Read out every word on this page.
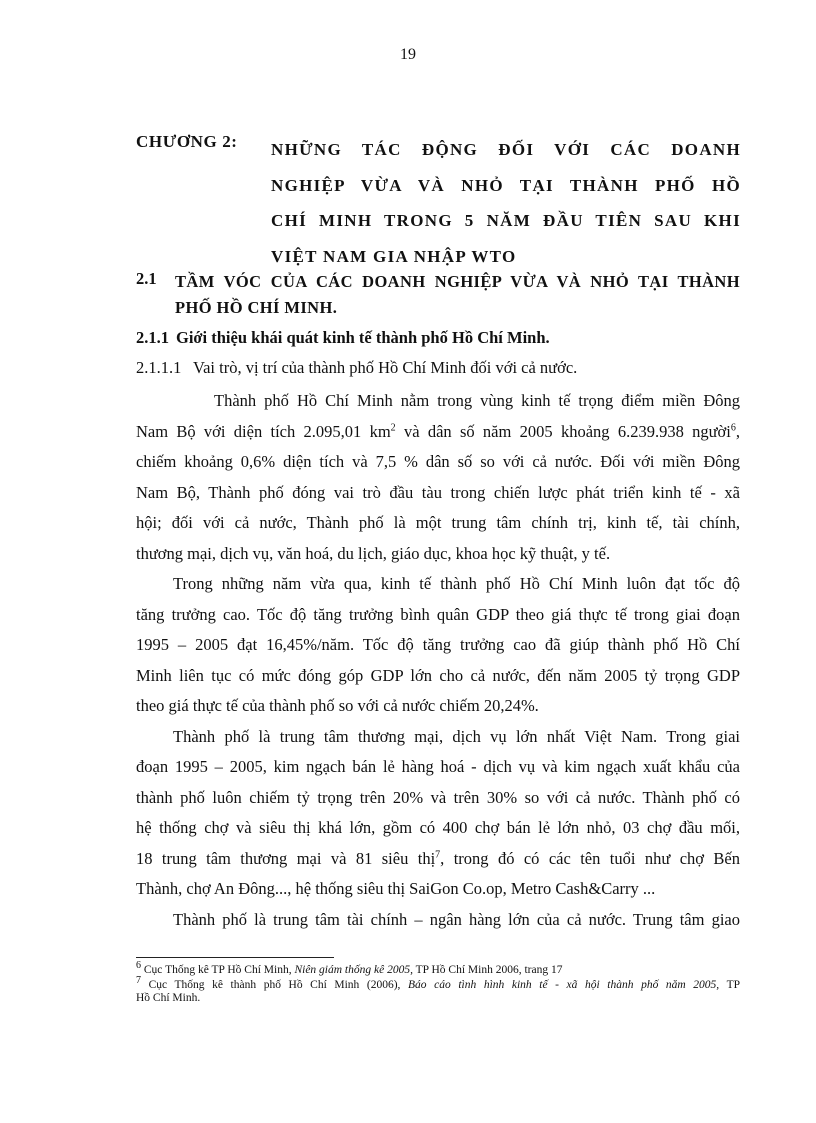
19
CHƯƠNG 2: NHỮNG TÁC ĐỘNG ĐỐI VỚI CÁC DOANH
NGHIỆP VỪA VÀ NHỎ TẠI THÀNH PHỐ HỒ
CHÍ MINH TRONG 5 NĂM ĐẦU TIÊN SAU KHI
VIỆT NAM GIA NHẬP WTO
2.1 TẦM VÓC CỦA CÁC DOANH NGHIỆP VỪA VÀ NHỎ TẠI THÀNH
PHỐ HỒ CHÍ MINH.
2.1.1 Giới thiệu khái quát kinh tế thành phố Hồ Chí Minh.
2.1.1.1 Vai trò, vị trí của thành phố Hồ Chí Minh đối với cả nước.
Thành phố Hồ Chí Minh nằm trong vùng kinh tế trọng điểm miền Đông
Nam Bộ với diện tích 2.095,01 $km^2$ và dân số năm 2005 khoảng 6.239.938 người$^6$,
chiếm khoảng 0,6% diện tích và 7,5 % dân số so với cả nước. Đối với miền Đông
Nam Bộ, Thành phố đóng vai trò đầu tàu trong chiến lược phát triển kinh tế - xã
hội; đối với cả nước, Thành phố là một trung tâm chính trị, kinh tế, tài chính,
thương mại, dịch vụ, văn hoá, du lịch, giáo dục, khoa học kỹ thuật, y tế.
Trong những năm vừa qua, kinh tế thành phố Hồ Chí Minh luôn đạt tốc độ
tăng trưởng cao. Tốc độ tăng trưởng bình quân GDP theo giá thực tế trong giai đoạn
1995 – 2005 đạt 16,45%/năm. Tốc độ tăng trưởng cao đã giúp thành phố Hồ Chí
Minh liên tục có mức đóng góp GDP lớn cho cả nước, đến năm 2005 tỷ trọng GDP
theo giá thực tế của thành phố so với cả nước chiếm 20,24%.
Thành phố là trung tâm thương mại, dịch vụ lớn nhất Việt Nam. Trong giai
đoạn 1995 – 2005, kim ngạch bán lẻ hàng hoá - dịch vụ và kim ngạch xuất khẩu của
thành phố luôn chiếm tỷ trọng trên 20% và trên 30% so với cả nước. Thành phố có
hệ thống chợ và siêu thị khá lớn, gồm có 400 chợ bán lẻ lớn nhỏ, 03 chợ đầu mối,
18 trung tâm thương mại và 81 siêu thị$^7$, trong đó có các tên tuổi như chợ Bến
Thành, chợ An Đông..., hệ thống siêu thị SaiGon Co.op, Metro Cash&Carry ...
Thành phố là trung tâm tài chính – ngân hàng lớn của cả nước. Trung tâm giao
$^6$ Cục Thống kê TP Hồ Chí Minh, Niên giám thống kê 2005, TP Hồ Chí Minh 2006, trang 17
$^7$ Cục Thống kê thành phố Hồ Chí Minh (2006), Báo cáo tình hình kinh tế - xã hội thành phố năm 2005, TP
Hồ Chí Minh.
